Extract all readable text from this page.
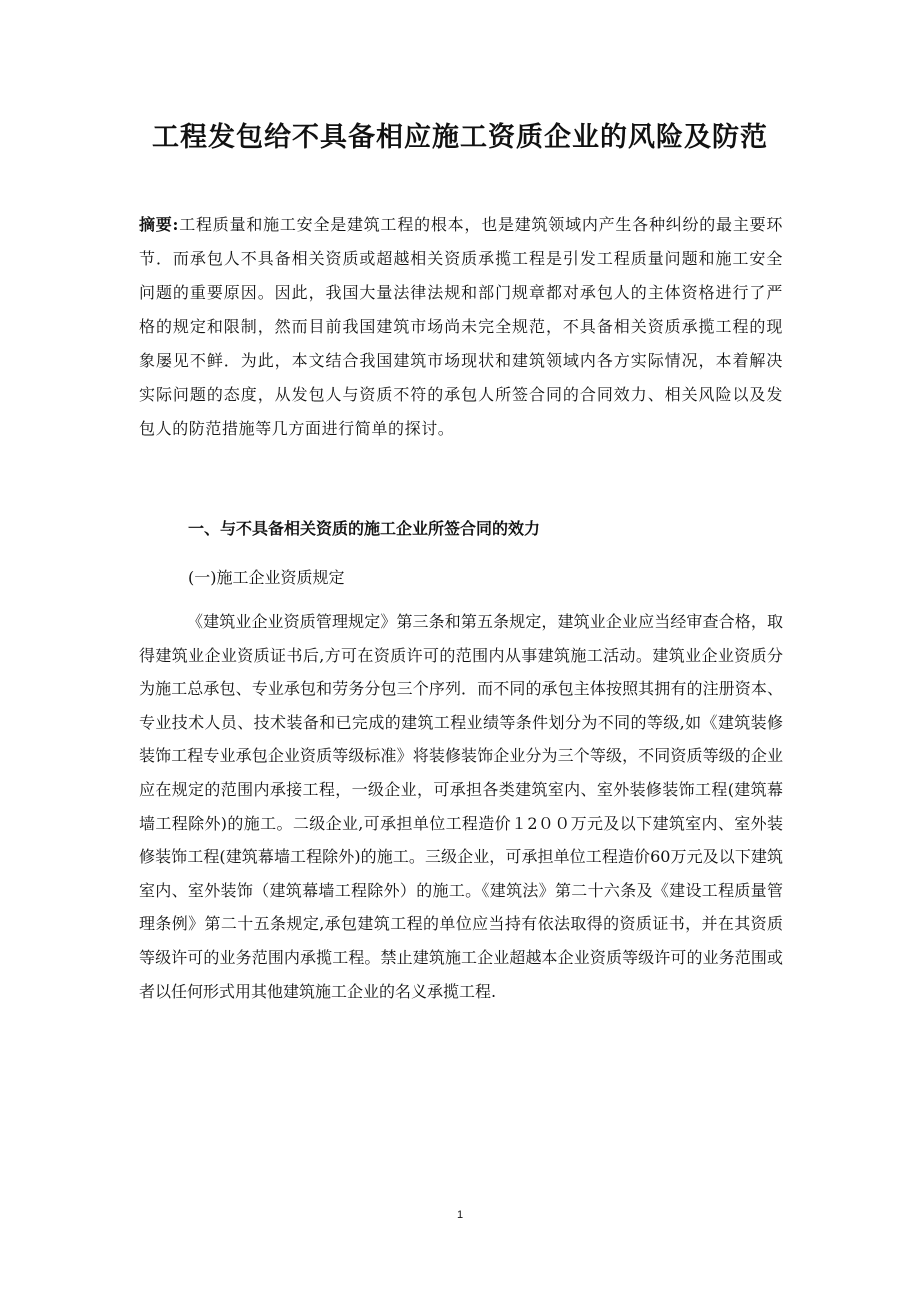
工程发包给不具备相应施工资质企业的风险及防范
摘要:工程质量和施工安全是建筑工程的根本，也是建筑领域内产生各种纠纷的最主要环节．而承包人不具备相关资质或超越相关资质承揽工程是引发工程质量问题和施工安全问题的重要原因。因此，我国大量法律法规和部门规章都对承包人的主体资格进行了严格的规定和限制，然而目前我国建筑市场尚未完全规范，不具备相关资质承揽工程的现象屡见不鲜．为此，本文结合我国建筑市场现状和建筑领域内各方实际情况，本着解决实际问题的态度，从发包人与资质不符的承包人所签合同的合同效力、相关风险以及发包人的防范措施等几方面进行简单的探讨。
一、与不具备相关资质的施工企业所签合同的效力
(一)施工企业资质规定
《建筑业企业资质管理规定》第三条和第五条规定，建筑业企业应当经审查合格，取得建筑业企业资质证书后,方可在资质许可的范围内从事建筑施工活动。建筑业企业资质分为施工总承包、专业承包和劳务分包三个序列．而不同的承包主体按照其拥有的注册资本、专业技术人员、技术装备和已完成的建筑工程业绩等条件划分为不同的等级,如《建筑装修装饰工程专业承包企业资质等级标准》将装修装饰企业分为三个等级，不同资质等级的企业应在规定的范围内承接工程，一级企业，可承担各类建筑室内、室外装修装饰工程(建筑幕墙工程除外)的施工。二级企业,可承担单位工程造价１2００万元及以下建筑室内、室外装修装饰工程(建筑幕墙工程除外)的施工。三级企业，可承担单位工程造价60万元及以下建筑室内、室外装饰（建筑幕墙工程除外）的施工。《建筑法》第二十六条及《建设工程质量管理条例》第二十五条规定,承包建筑工程的单位应当持有依法取得的资质证书，并在其资质等级许可的业务范围内承揽工程。禁止建筑施工企业超越本企业资质等级许可的业务范围或者以任何形式用其他建筑施工企业的名义承揽工程.
1
